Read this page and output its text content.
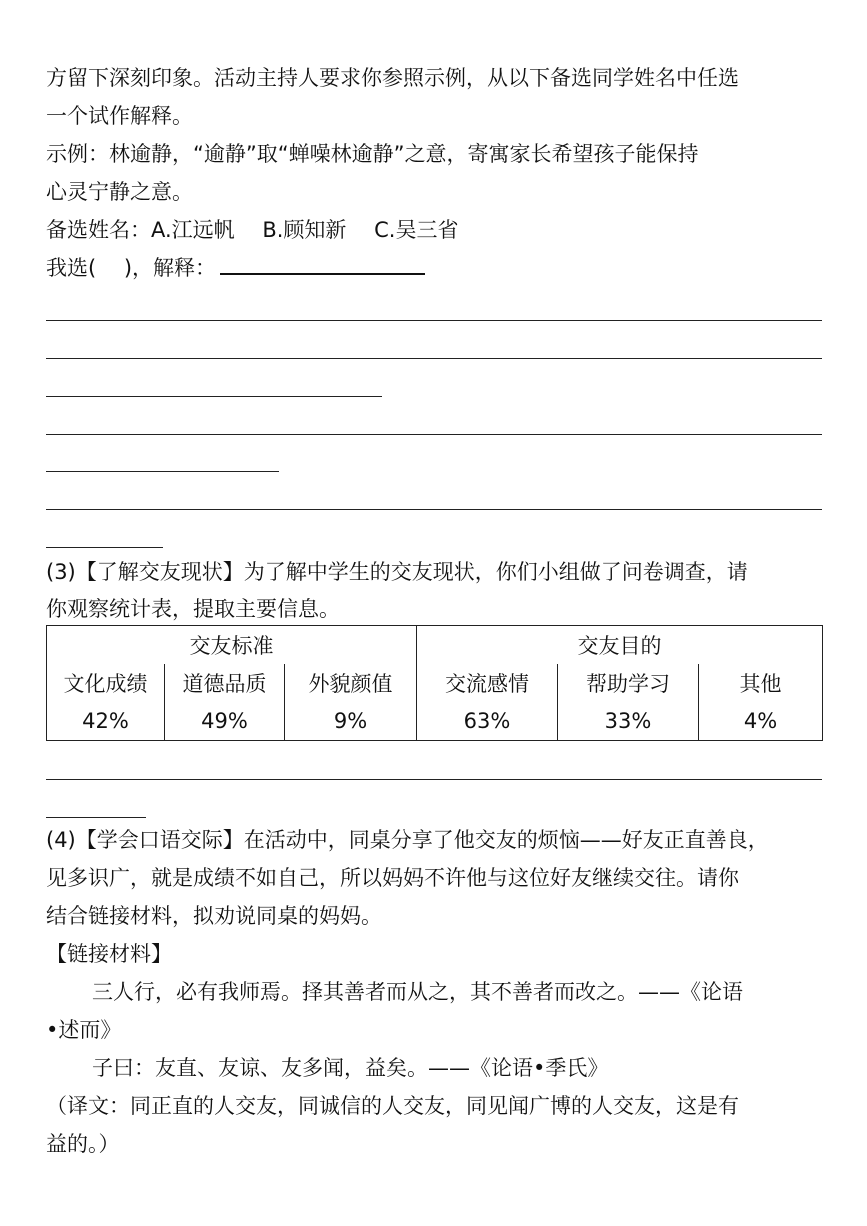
方留下深刻印象。活动主持人要求你参照示例，从以下备选同学姓名中任选
一个试作解释。
示例：林逾静，“逾静”取“蝉噪林逾静”之意，寄寓家长希望孩子能保持
心灵宁静之意。
备选姓名：A.江远帆　 B.顾知新　 C.吴三省
我选(　 )，解释：
(3)【了解交友现状】为了解中学生的交友现状，你们小组做了问卷调查，请
你观察统计表，提取主要信息。
交友标准			交友目的		
文化成绩	道德品质	外貌颜值	交流感情	帮助学习	其他
42%	49%	9%	63%	33%	4%
(4)【学会口语交际】在活动中，同桌分享了他交友的烦恼——好友正直善良，
见多识广，就是成绩不如自己，所以妈妈不许他与这位好友继续交往。请你
结合链接材料，拟劝说同桌的妈妈。
【链接材料】
三人行，必有我师焉。择其善者而从之，其不善者而改之。——《论语
•述而》
子曰：友直、友谅、友多闻，益矣。——《论语•季氏》
（译文：同正直的人交友，同诚信的人交友，同见闻广博的人交友，这是有
益的。）
